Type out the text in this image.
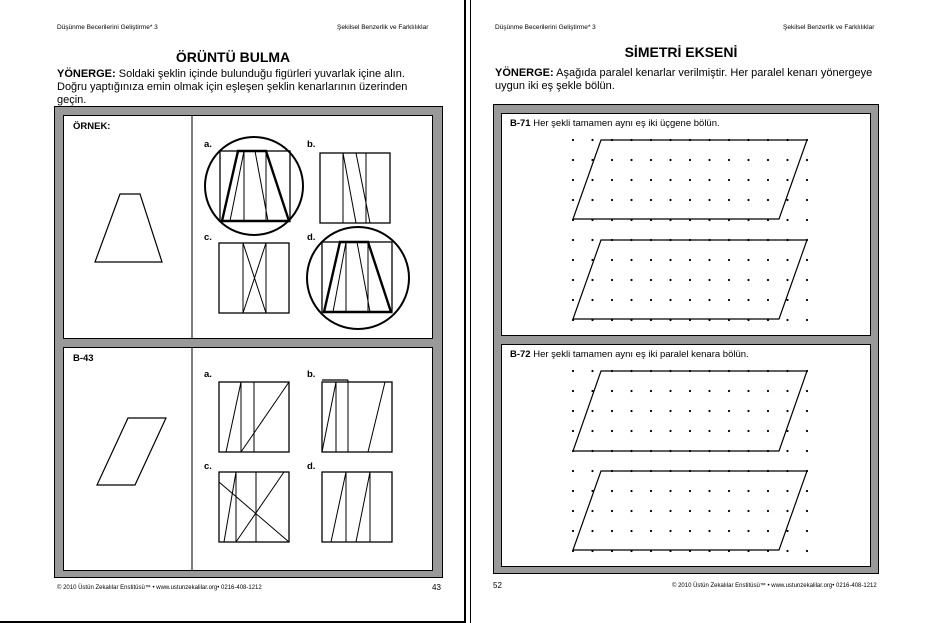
Düşünme Becerilerini Geliştirme* 3	Şekilsel Benzerlik ve Farklılıklar
ÖRÜNTÜ BULMA
YÖNERGE: Soldaki şeklin içinde bulunduğu figürleri yuvarlak içine alın. Doğru yaptığınıza emin olmak için eşleşen şeklin kenarlarının üzerinden geçin.
ÖRNEK:
B-43
a.	b.
c.	d.
a.	b.
c.	d.
© 2010 Üstün Zekalılar Enstitüsü™ • www.ustunzekalilar.org• 0216-408-1212	43
Düşünme Becerilerini Geliştirme* 3	Şekilsel Benzerlik ve Farklılıklar
SİMETRİ EKSENİ
YÖNERGE: Aşağıda paralel kenarlar verilmiştir. Her paralel kenarı yönergeye uygun iki eş şekle bölün.
B-71 Her şekli tamamen aynı eş iki üçgene bölün.
B-72 Her şekli tamamen aynı eş iki paralel kenara bölün.
© 2010 Üstün Zekalılar Enstitüsü™ • www.ustunzekalilar.org• 0216-408-1212
52
